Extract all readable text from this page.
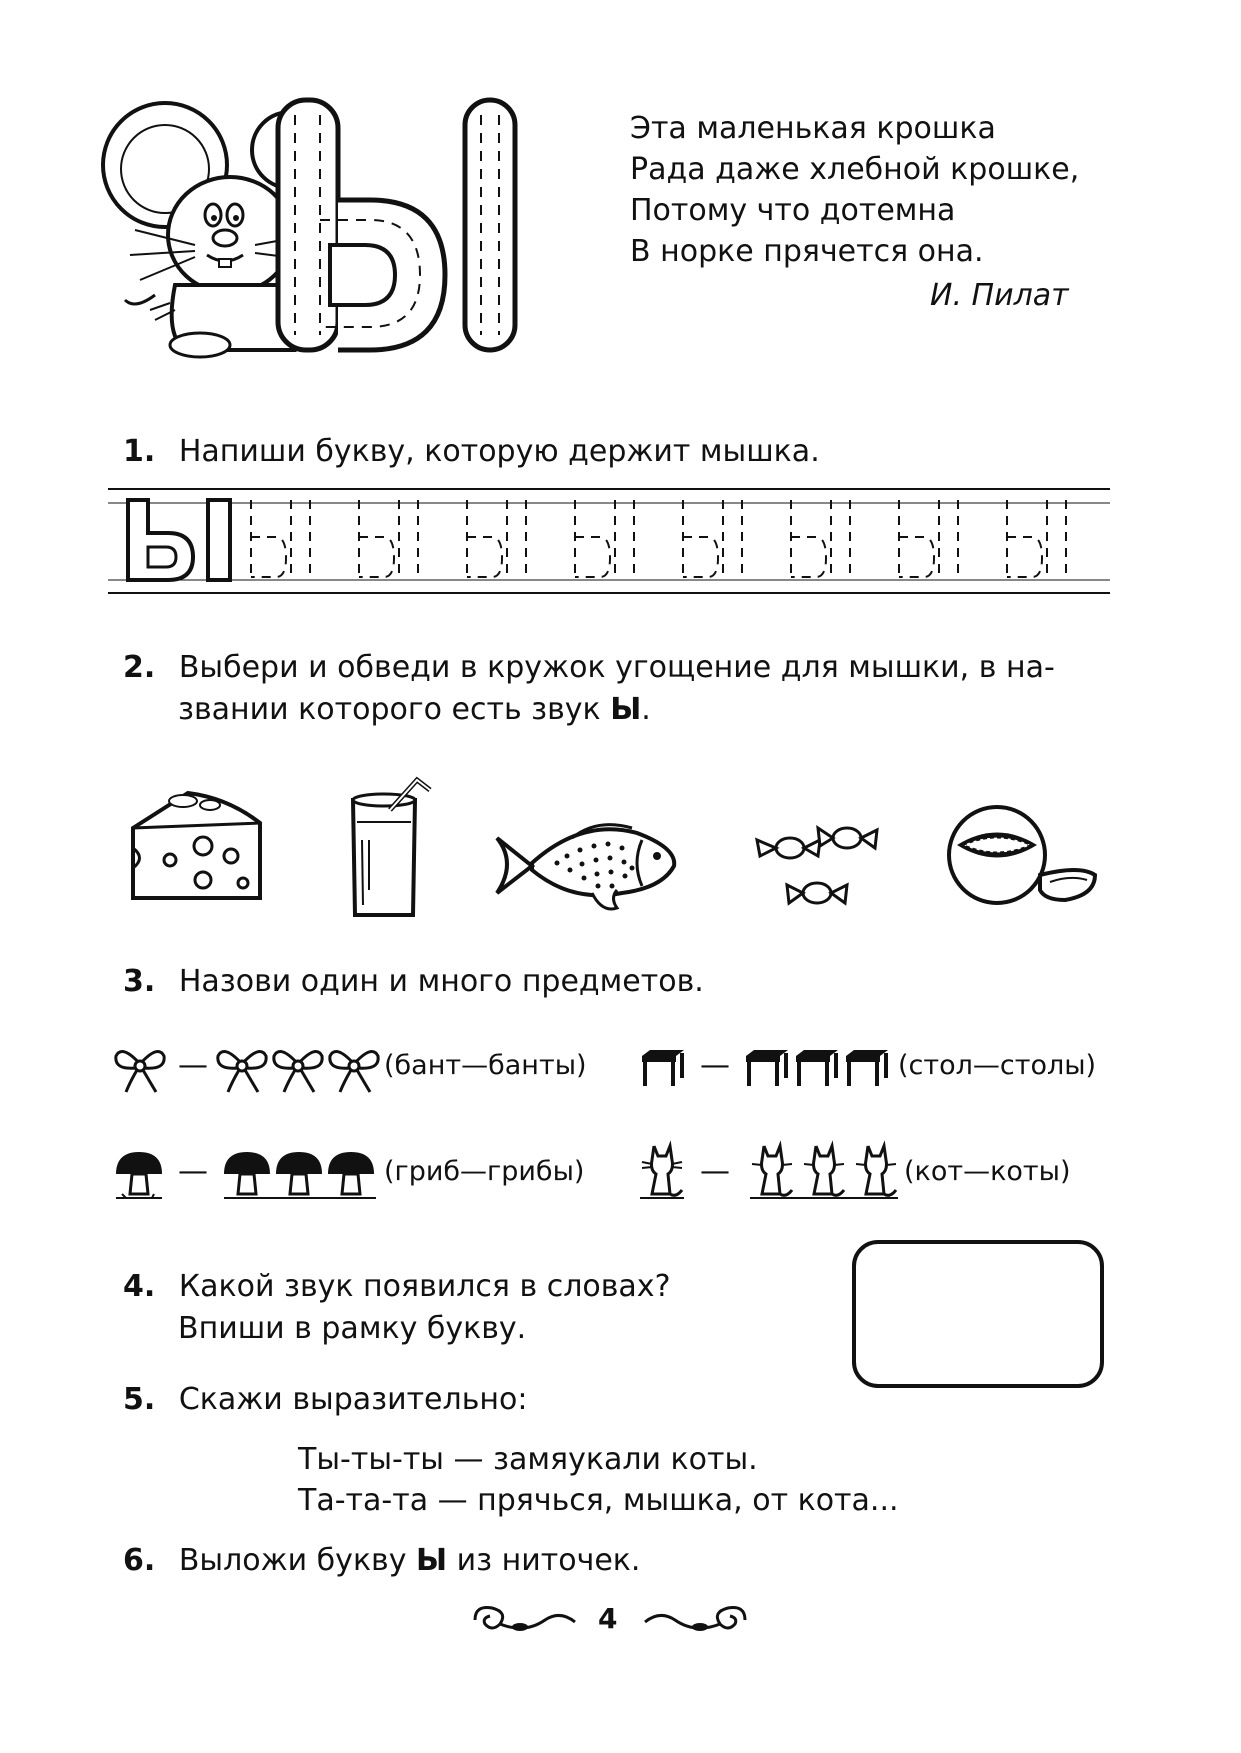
Ы
Эта маленькая крошка
Рада даже хлебной крошке,
Потому что дотемна
В норке прячется она.
И. Пилат
1. Напиши букву, которую держит мышка.
2. Выбери и обведи в кружок угощение для мышки, в на-
звании которого есть звук Ы.
3. Назови один и много предметов.
—	(бант—банты)	—	(стол—столы)
—	(гриб—грибы)	—	(кот—коты)
4. Какой звук появился в словах?
Впиши в рамку букву.
5. Скажи выразительно:
Ты-ты-ты — замяукали коты.
Та-та-та — прячься, мышка, от кота...
6. Выложи букву Ы из ниточек.
4
